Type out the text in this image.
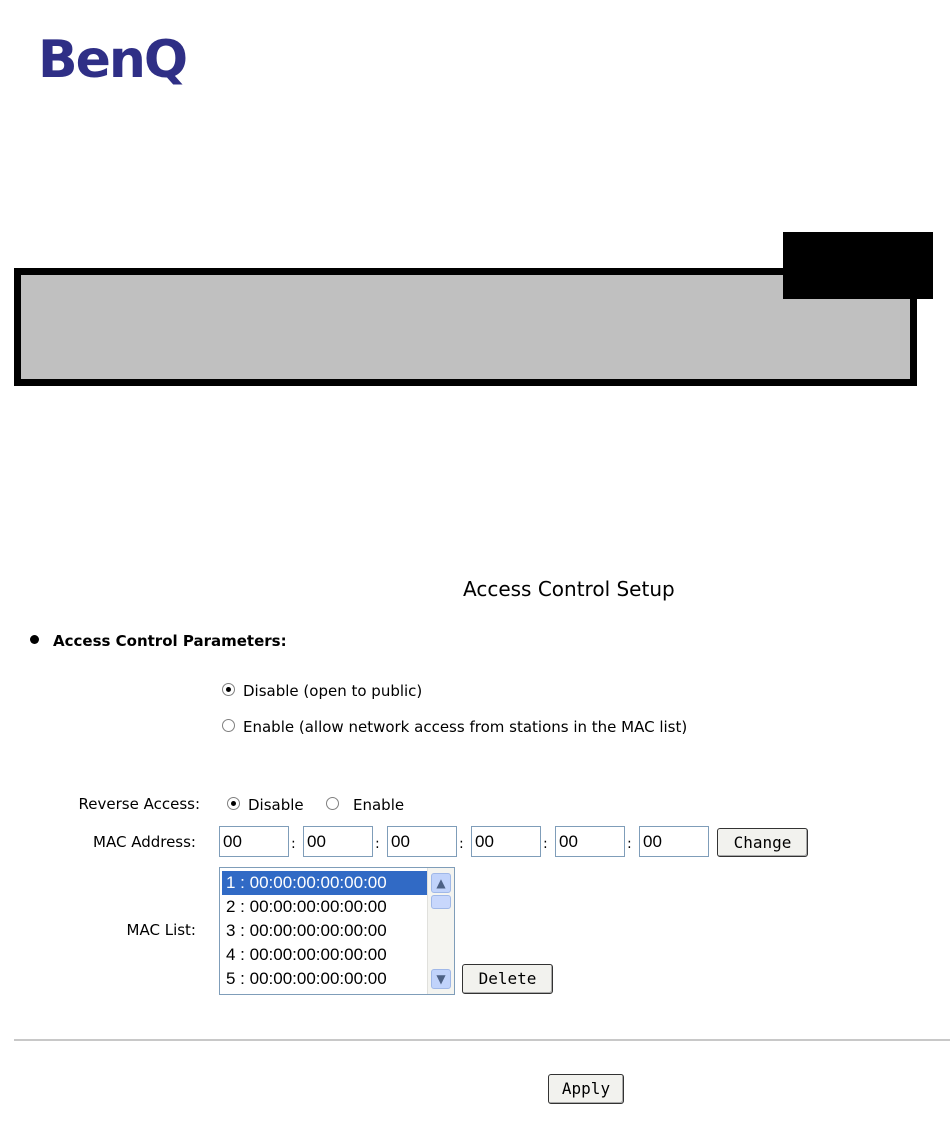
BenQ
Access Control Setup
Access Control Parameters:
Disable (open to public)
Enable (allow network access from stations in the MAC list)
Reverse Access:	Disable	Enable
MAC Address: 00	: 00	: 00	: 00	: 00	: 00	Change
MAC List:
1 : 00:00:00:00:00:00
2 : 00:00:00:00:00:00
3 : 00:00:00:00:00:00
4 : 00:00:00:00:00:00
5 : 00:00:00:00:00:00
▲
▼	Delete
Apply
